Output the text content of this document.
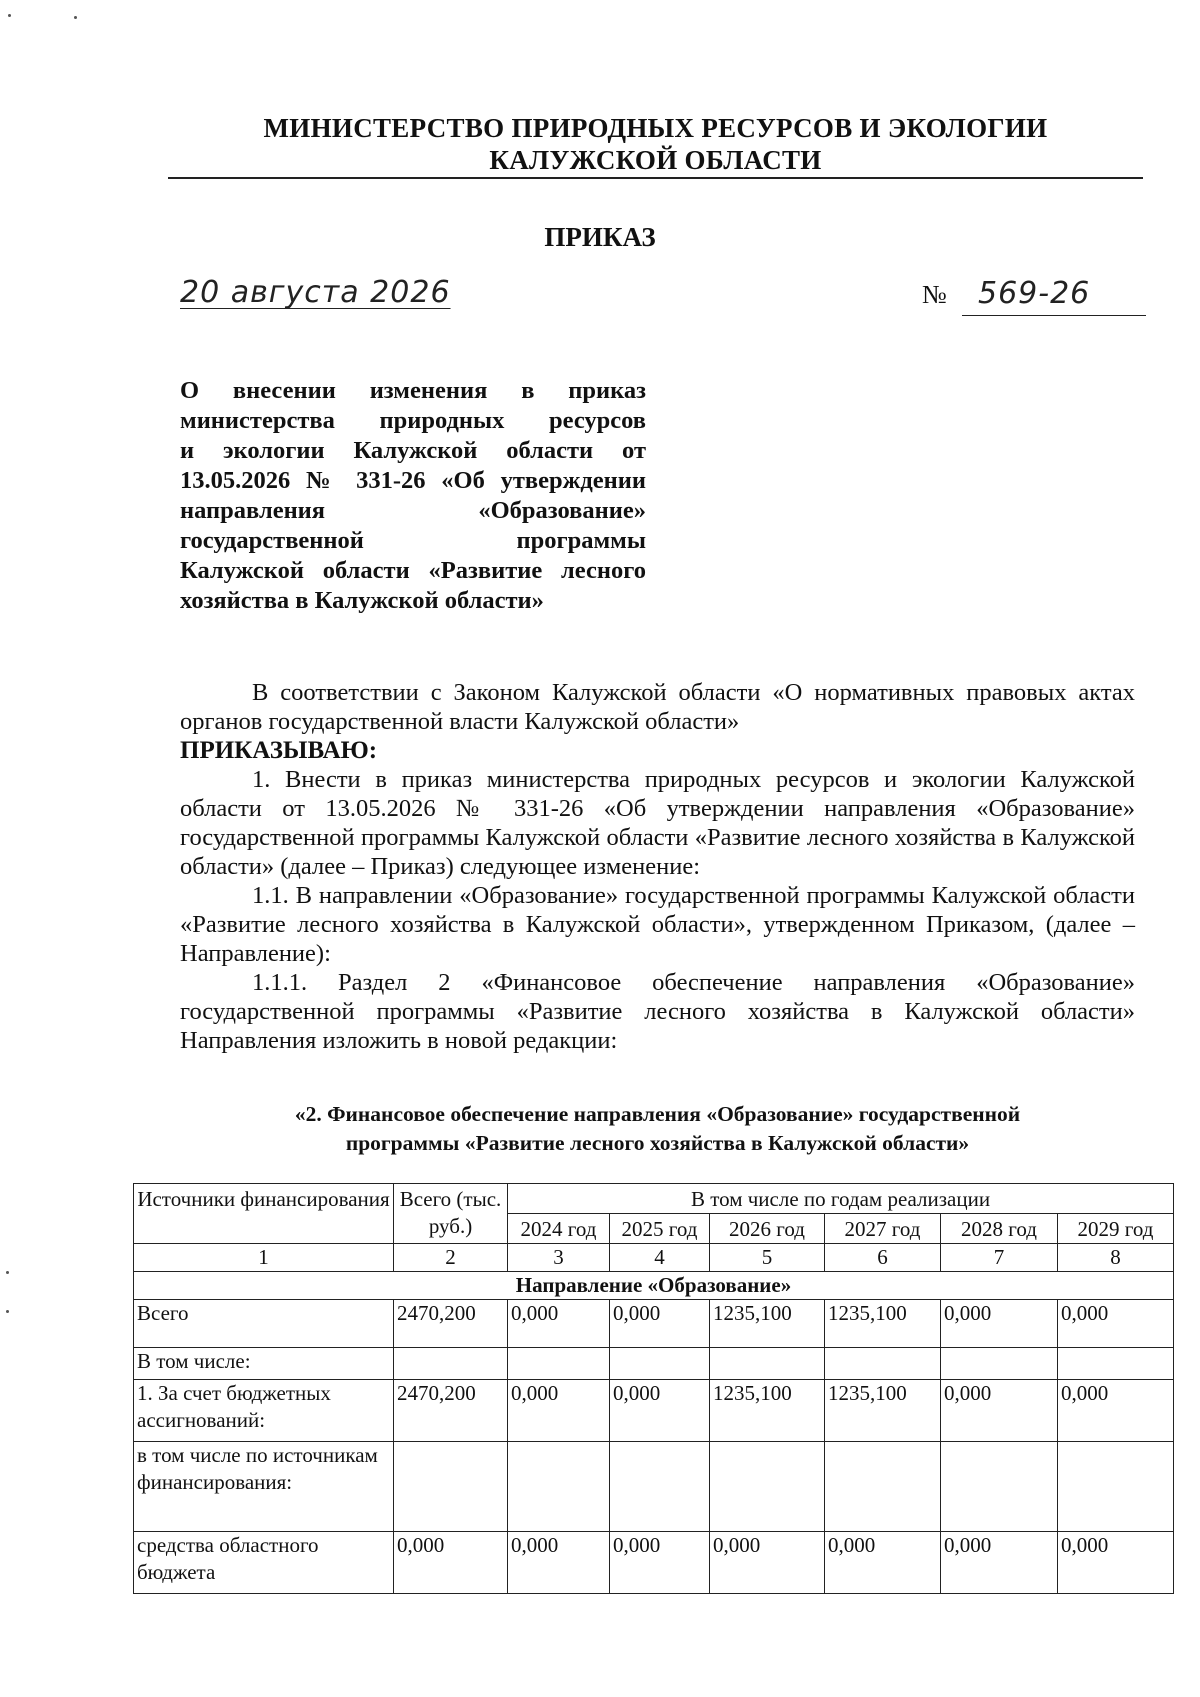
МИНИСТЕРСТВО ПРИРОДНЫХ РЕСУРСОВ И ЭКОЛОГИИ
КАЛУЖСКОЙ ОБЛАСТИ
ПРИКАЗ
20 августа 2026	№	569-26
О внесении изменения в приказ
министерства природных ресурсов
и экологии Калужской области от
13.05.2026 № 331-26 «Об утверждении
направления «Образование»
государственной программы
Калужской области «Развитие лесного
хозяйства в Калужской области»

В соответствии с Законом Калужской области «О нормативных правовых актах органов государственной власти Калужской области»

ПРИКАЗЫВАЮ:

1. Внести в приказ министерства природных ресурсов и экологии Калужской области от 13.05.2026 № 331-26 «Об утверждении направления «Образование» государственной программы Калужской области «Развитие лесного хозяйства в Калужской области» (далее – Приказ) следующее изменение:

1.1. В направлении «Образование» государственной программы Калужской области «Развитие лесного хозяйства в Калужской области», утвержденном Приказом, (далее – Направление):

1.1.1. Раздел 2 «Финансовое обеспечение направления «Образование» государственной программы «Развитие лесного хозяйства в Калужской области» Направления изложить в новой редакции:

«2. Финансовое обеспечение направления «Образование» государственной
программы «Развитие лесного хозяйства в Калужской области»
Источники финансирования	Всего (тыс. руб.)	В том числе по годам реализации					
		2024 год	2025 год	2026 год	2027 год	2028 год	2029 год
1	2	3	4	5	6	7	8
Направление «Образование»							
Всего	2470,200	0,000	0,000	1235,100	1235,100	0,000	0,000
В том числе:							
1. За счет бюджетных ассигнований:	2470,200	0,000	0,000	1235,100	1235,100	0,000	0,000
в том числе по источникам финансирования:							
средства областного бюджета	0,000	0,000	0,000	0,000	0,000	0,000	0,000
